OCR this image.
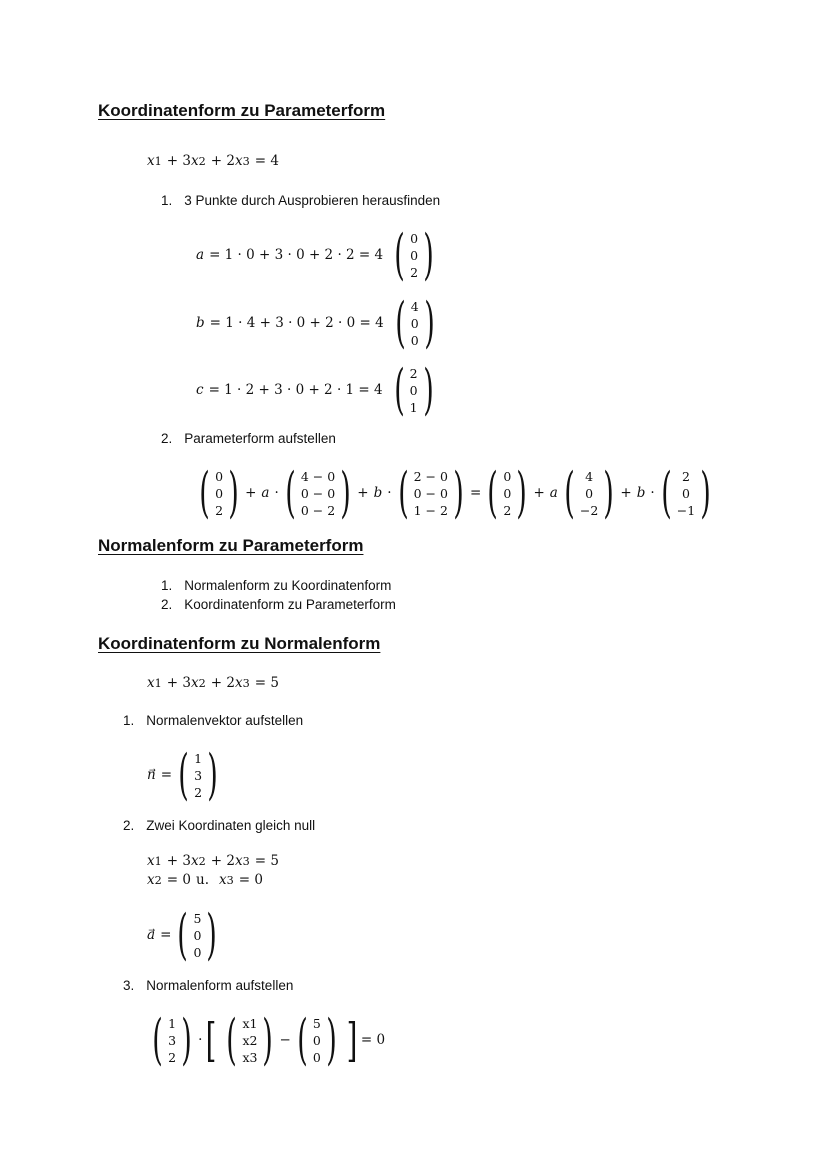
Koordinatenform zu Parameterform
x 1 + 3 x 2 + 2 x 3 = 4
1. 3 Punkte durch Ausprobieren herausfinden
a = 1 · 0 + 3 · 0 + 2 · 2 = 4 ( 0
0
2 )
b = 1 · 4 + 3 · 0 + 2 · 0 = 4 ( 4
0
0 )
c = 1 · 2 + 3 · 0 + 2 · 1 = 4 ( 2
0
1 )
2. Parameterform aufstellen
( 0
0
2 ) + a · ( 4 − 0
0 − 0
0 − 2 ) + b · ( 2 − 0
0 − 0
1 − 2 ) = ( 0
0
2 ) + a ( 4
0
−2 ) + b · ( 2
0
−1 )
Normalenform zu Parameterform
1. Normalenform zu Koordinatenform
2. Koordinatenform zu Parameterform
Koordinatenform zu Normalenform
x 1 + 3 x 2 + 2 x 3 = 5
1. Normalenvektor aufstellen
n = ( 1
3
2 )
2. Zwei Koordinaten gleich null
x 1 + 3 x 2 + 2 x 3 = 5
x 2 = 0 u. x 3 = 0
a = ( 5
0
0 )
3. Normalenform aufstellen
( 1
3
2 ) · [ ( x1
x2
x3 ) − ( 5
0
0 ) ] = 0
